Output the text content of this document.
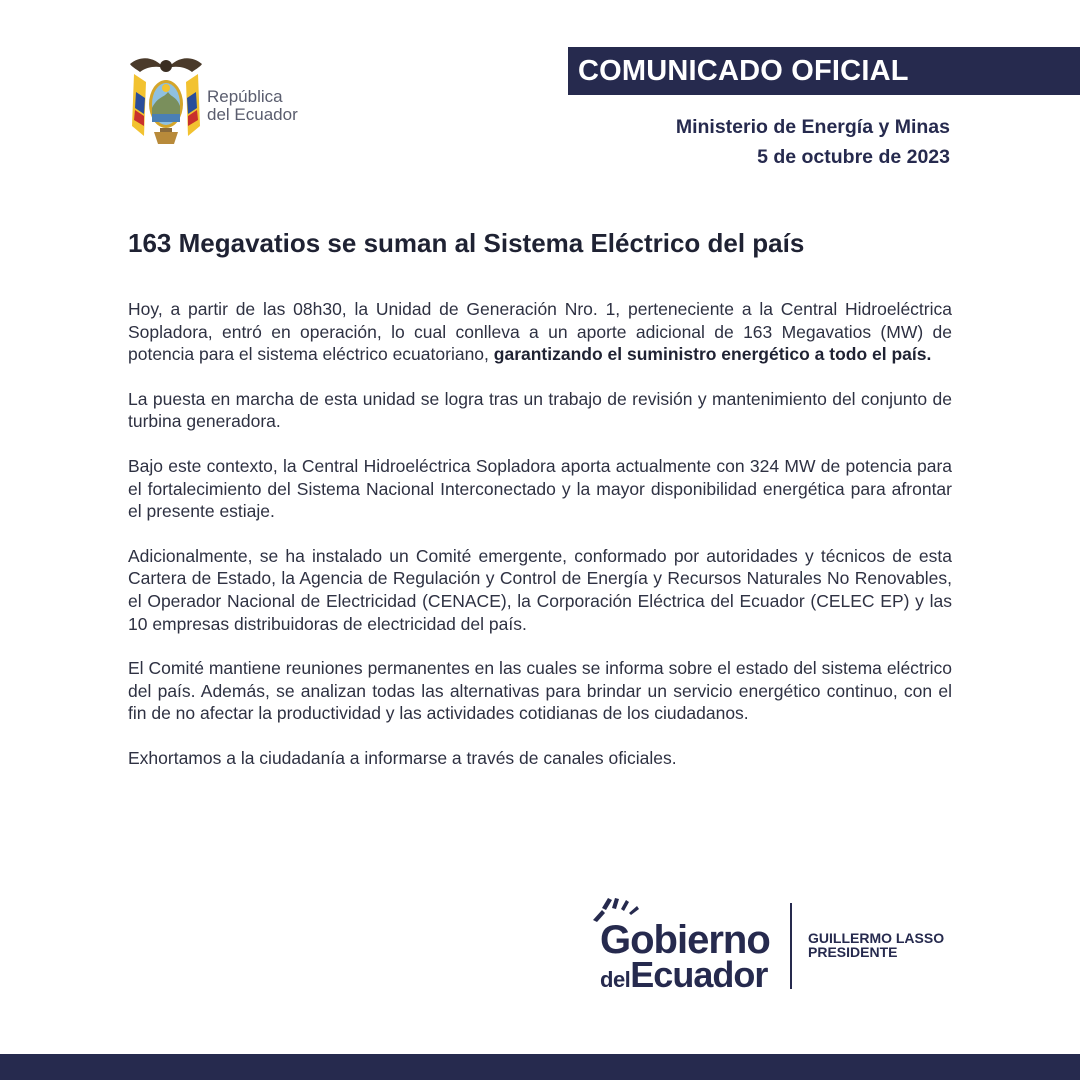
República
del Ecuador
COMUNICADO OFICIAL
Ministerio de Energía y Minas
5 de octubre de 2023
163 Megavatios se suman al Sistema Eléctrico del país

Hoy, a partir de las 08h30, la Unidad de Generación Nro. 1, perteneciente a la Central Hidroeléctrica Sopladora, entró en operación, lo cual conlleva a un aporte adicional de 163 Megavatios (MW) de potencia para el sistema eléctrico ecuatoriano, garantizando el suministro energético a todo el país.

La puesta en marcha de esta unidad se logra tras un trabajo de revisión y mantenimiento del conjunto de turbina generadora.

Bajo este contexto, la Central Hidroeléctrica Sopladora aporta actualmente con 324 MW de potencia para el fortalecimiento del Sistema Nacional Interconectado y la mayor disponibilidad energética para afrontar el presente estiaje.

Adicionalmente, se ha instalado un Comité emergente, conformado por autoridades y técnicos de esta Cartera de Estado, la Agencia de Regulación y Control de Energía y Recursos Naturales No Renovables, el Operador Nacional de Electricidad (CENACE), la Corporación Eléctrica del Ecuador (CELEC EP) y las 10 empresas distribuidoras de electricidad del país.

El Comité mantiene reuniones permanentes en las cuales se informa sobre el estado del sistema eléctrico del país. Además, se analizan todas las alternativas para brindar un servicio energético continuo, con el fin de no afectar la productividad y las actividades cotidianas de los ciudadanos.

Exhortamos a la ciudadanía a informarse a través de canales oficiales.

Gobierno
delEcuador
GUILLERMO LASSO
PRESIDENTE
